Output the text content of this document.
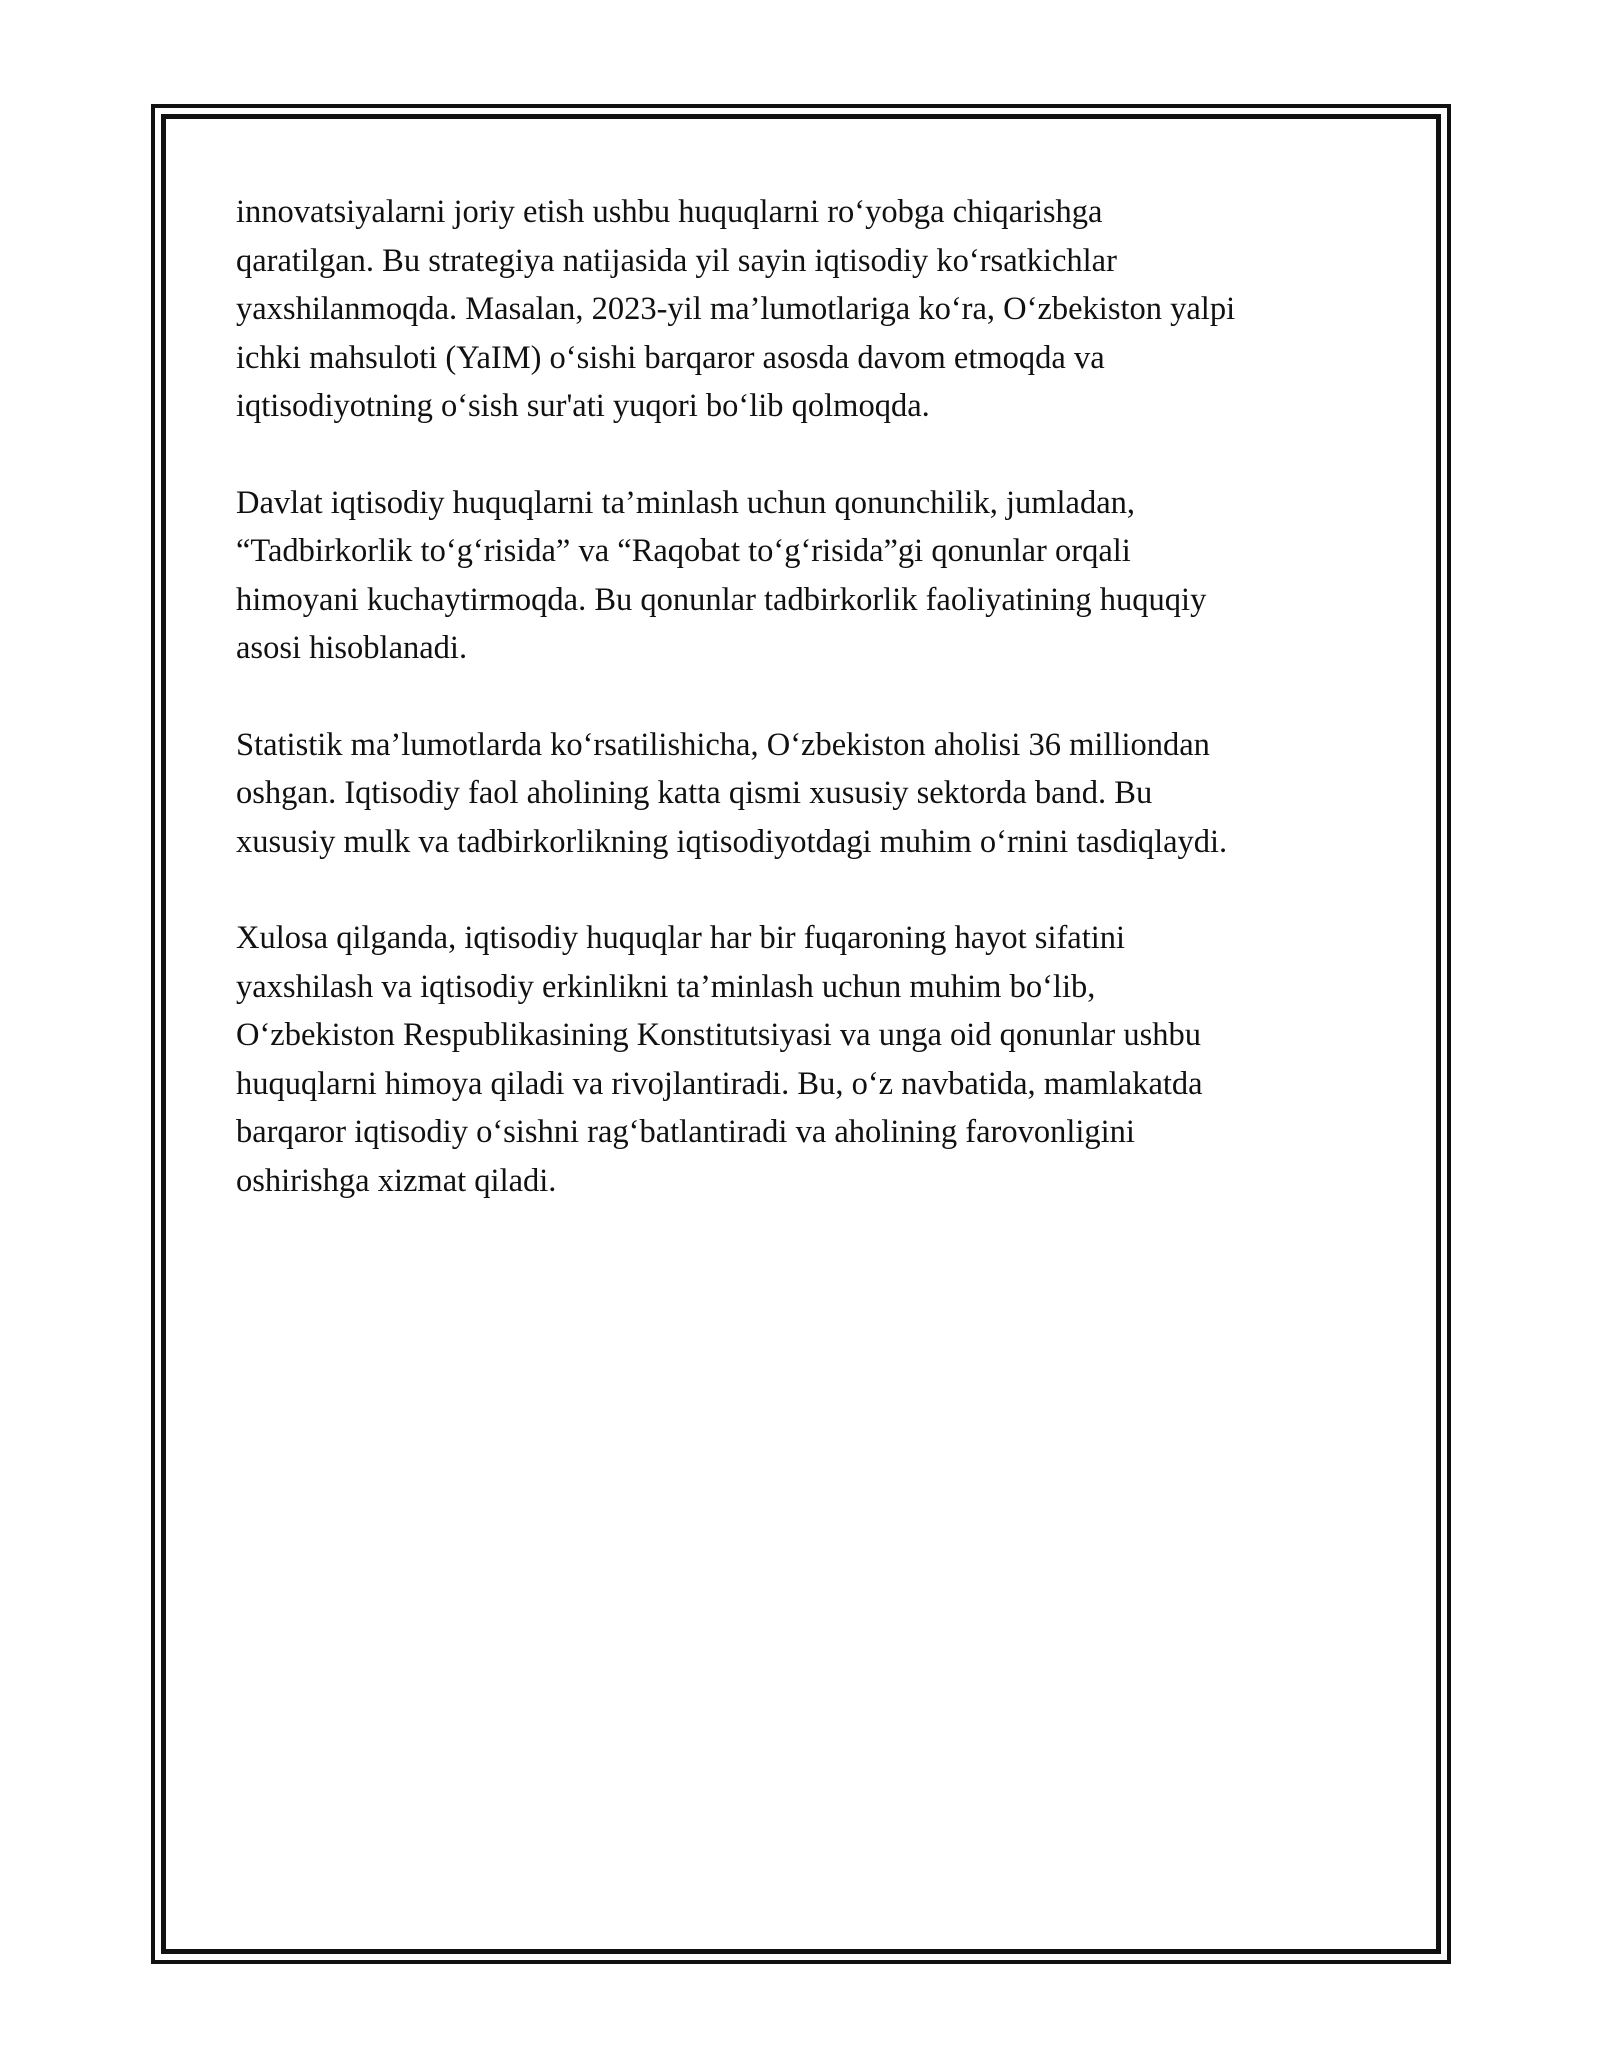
innovatsiyalarni joriy etish ushbu huquqlarni ro‘yobga chiqarishga
qaratilgan. Bu strategiya natijasida yil sayin iqtisodiy ko‘rsatkichlar
yaxshilanmoqda. Masalan, 2023-yil ma’lumotlariga ko‘ra, O‘zbekiston yalpi
ichki mahsuloti (YaIM) o‘sishi barqaror asosda davom etmoqda va
iqtisodiyotning o‘sish sur'ati yuqori bo‘lib qolmoqda.

Davlat iqtisodiy huquqlarni ta’minlash uchun qonunchilik, jumladan,
“Tadbirkorlik to‘g‘risida” va “Raqobat to‘g‘risida”gi qonunlar orqali
himoyani kuchaytirmoqda. Bu qonunlar tadbirkorlik faoliyatining huquqiy
asosi hisoblanadi.

Statistik ma’lumotlarda ko‘rsatilishicha, O‘zbekiston aholisi 36 milliondan
oshgan. Iqtisodiy faol aholining katta qismi xususiy sektorda band. Bu
xususiy mulk va tadbirkorlikning iqtisodiyotdagi muhim o‘rnini tasdiqlaydi.

Xulosa qilganda, iqtisodiy huquqlar har bir fuqaroning hayot sifatini
yaxshilash va iqtisodiy erkinlikni ta’minlash uchun muhim bo‘lib,
O‘zbekiston Respublikasining Konstitutsiyasi va unga oid qonunlar ushbu
huquqlarni himoya qiladi va rivojlantiradi. Bu, o‘z navbatida, mamlakatda
barqaror iqtisodiy o‘sishni rag‘batlantiradi va aholining farovonligini
oshirishga xizmat qiladi.
